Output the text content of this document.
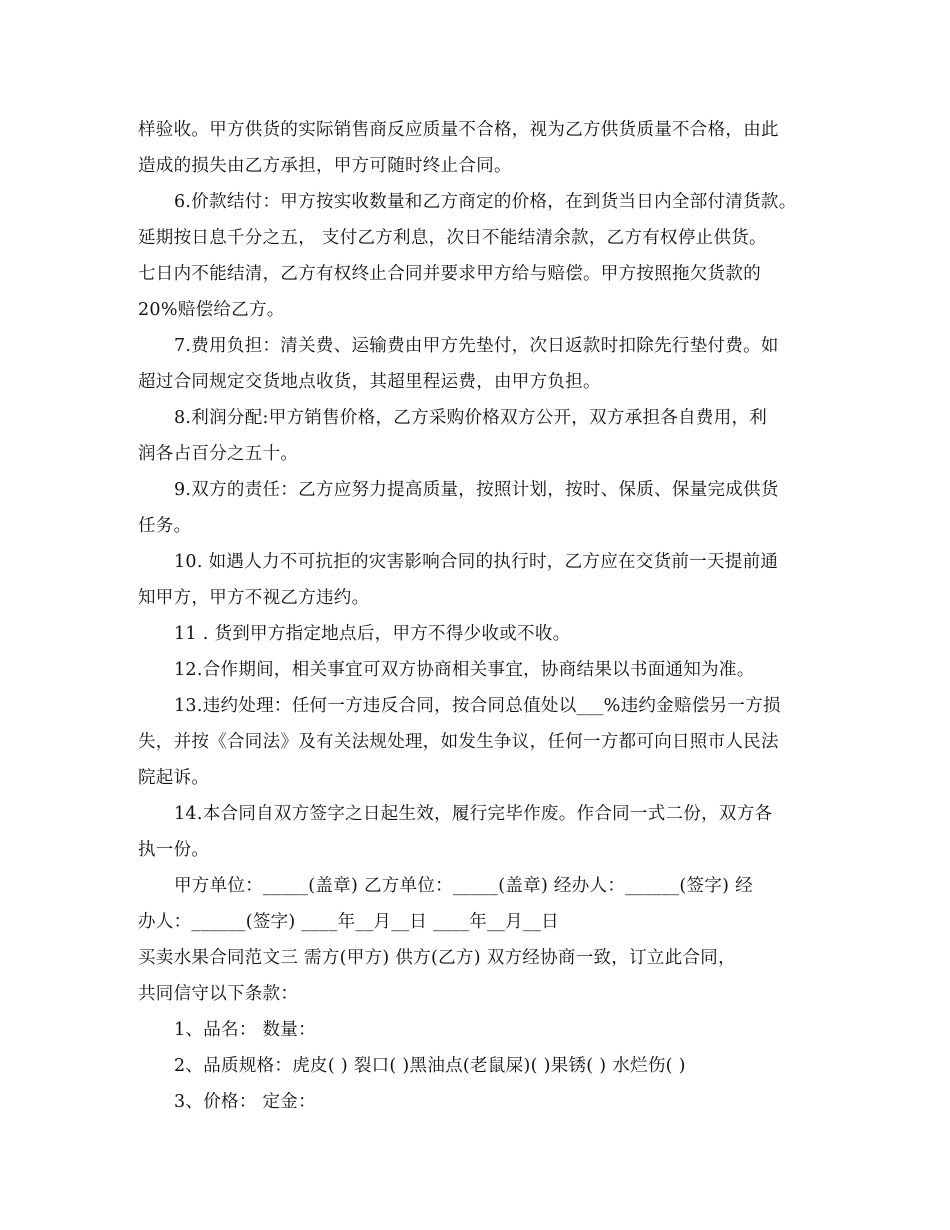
样验收。甲方供货的实际销售商反应质量不合格，视为乙方供货质量不合格，由此
造成的损失由乙方承担，甲方可随时终止合同。
6.价款结付：甲方按实收数量和乙方商定的价格，在到货当日内全部付清货款。
延期按日息千分之五， 支付乙方利息，次日不能结清余款，乙方有权停止供货。
七日内不能结清，乙方有权终止合同并要求甲方给与赔偿。甲方按照拖欠货款的
20%赔偿给乙方。
7.费用负担：清关费、运输费由甲方先垫付，次日返款时扣除先行垫付费。如
超过合同规定交货地点收货，其超里程运费，由甲方负担。
8.利润分配:甲方销售价格，乙方采购价格双方公开，双方承担各自费用，利
润各占百分之五十。
9.双方的责任：乙方应努力提高质量，按照计划，按时、保质、保量完成供货
任务。
10. 如遇人力不可抗拒的灾害影响合同的执行时，乙方应在交货前一天提前通
知甲方，甲方不视乙方违约。
11 . 货到甲方指定地点后，甲方不得少收或不收。
12.合作期间，相关事宜可双方协商相关事宜，协商结果以书面通知为准。
13.违约处理：任何一方违反合同，按合同总值处以___%违约金赔偿另一方损
失，并按《合同法》及有关法规处理，如发生争议，任何一方都可向日照市人民法
院起诉。
14.本合同自双方签字之日起生效，履行完毕作废。作合同一式二份，双方各
执一份。
甲方单位：_____(盖章) 乙方单位：_____(盖章) 经办人：______(签字) 经
办人：______(签字) ____年__月__日 ____年__月__日
买卖水果合同范文三 需方(甲方) 供方(乙方) 双方经协商一致，订立此合同，
共同信守以下条款：
1、品名： 数量：
2、品质规格：虎皮( ) 裂口( )黑油点(老鼠屎)( )果锈( ) 水烂伤( )
3、价格： 定金：
